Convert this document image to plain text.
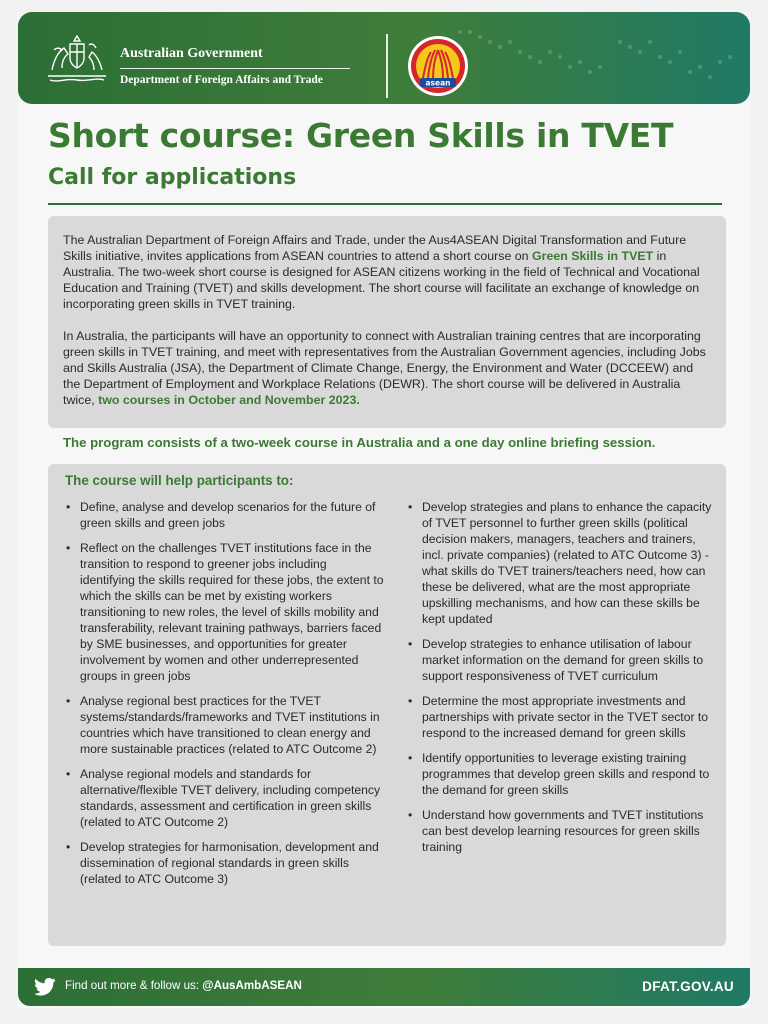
Australian Government
Department of Foreign Affairs and Trade	asean
Short course: Green Skills in TVET
Call for applications

The Australian Department of Foreign Affairs and Trade, under the Aus4ASEAN Digital Transformation and Future Skills initiative, invites applications from ASEAN countries to attend a short course on Green Skills in TVET in Australia. The two-week short course is designed for ASEAN citizens working in the field of Technical and Vocational Education and Training (TVET) and skills development. The short course will facilitate an exchange of knowledge on incorporating green skills in TVET training.

In Australia, the participants will have an opportunity to connect with Australian training centres that are incorporating green skills in TVET training, and meet with representatives from the Australian Government agencies, including Jobs and Skills Australia (JSA), the Department of Climate Change, Energy, the Environment and Water (DCCEEW) and the Department of Employment and Workplace Relations (DEWR). The short course will be delivered in Australia twice, two courses in October and November 2023.

The program consists of a two-week course in Australia and a one day online briefing session.
The course will help participants to:
• Define, analyse and develop scenarios for the future of green skills and green jobs
• Reflect on the challenges TVET institutions face in the transition to respond to greener jobs including identifying the skills required for these jobs, the extent to which the skills can be met by existing workers transitioning to new roles, the level of skills mobility and transferability, relevant training pathways, barriers faced by SME businesses, and opportunities for greater involvement by women and other underrepresented groups in green jobs
• Analyse regional best practices for the TVET systems/standards/frameworks and TVET institutions in countries which have transitioned to clean energy and more sustainable practices (related to ATC Outcome 2)
• Analyse regional models and standards for alternative/flexible TVET delivery, including competency standards, assessment and certification in green skills (related to ATC Outcome 2)
• Develop strategies for harmonisation, development and dissemination of regional standards in green skills (related to ATC Outcome 3)
• Develop strategies and plans to enhance the capacity of TVET personnel to further green skills (political decision makers, managers, teachers and trainers, incl. private companies) (related to ATC Outcome 3) - what skills do TVET trainers/teachers need, how can these be delivered, what are the most appropriate upskilling mechanisms, and how can these skills be kept updated
• Develop strategies to enhance utilisation of labour market information on the demand for green skills to support responsiveness of TVET curriculum
• Determine the most appropriate investments and partnerships with private sector in the TVET sector to respond to the increased demand for green skills
• Identify opportunities to leverage existing training programmes that develop green skills and respond to the demand for green skills
• Understand how governments and TVET institutions can best develop learning resources for green skills training
Find out more & follow us: @AusAmbASEAN	DFAT.GOV.AU
